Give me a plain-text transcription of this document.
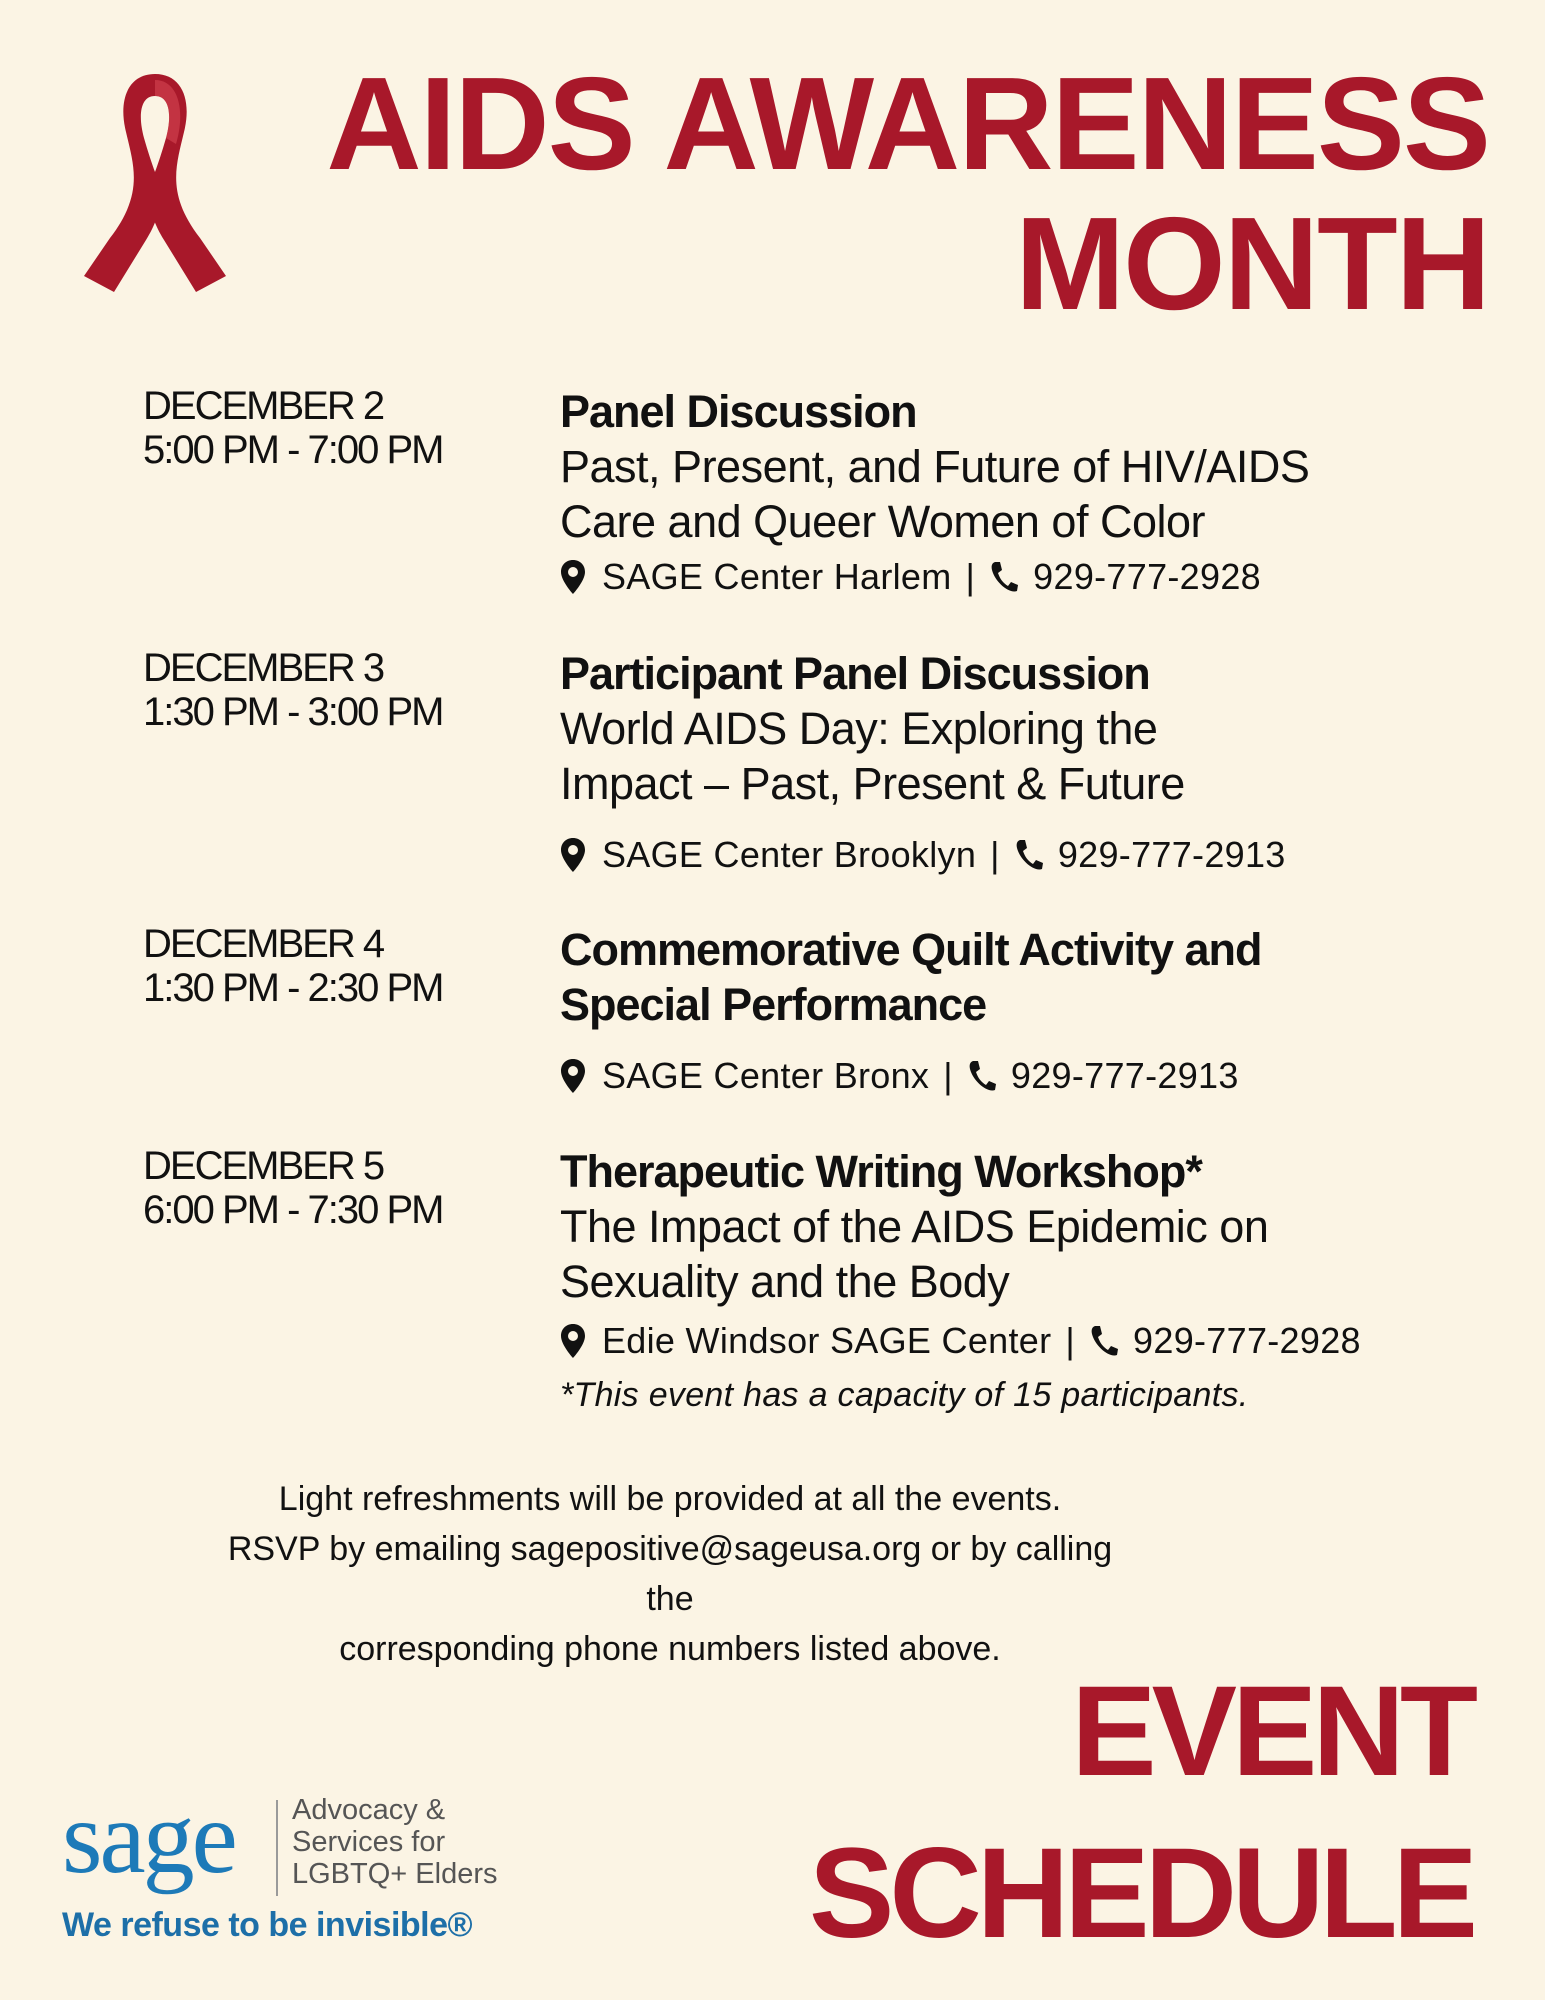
AIDS AWARENESS
MONTH
DECEMBER 2
5:00 PM - 7:00 PM
Panel Discussion
Past, Present, and Future of HIV/AIDS
Care and Queer Women of Color
SAGE Center Harlem | 929-777-2928
DECEMBER 3
1:30 PM - 3:00 PM
Participant Panel Discussion
World AIDS Day: Exploring the
Impact – Past, Present & Future
SAGE Center Brooklyn | 929-777-2913
DECEMBER 4
1:30 PM - 2:30 PM
Commemorative Quilt Activity and
Special Performance
SAGE Center Bronx | 929-777-2913
DECEMBER 5
6:00 PM - 7:30 PM
Therapeutic Writing Workshop*
The Impact of the AIDS Epidemic on
Sexuality and the Body
Edie Windsor SAGE Center | 929-777-2928
*This event has a capacity of 15 participants.
Light refreshments will be provided at all the events.
RSVP by emailing sagepositive@sageusa.org or by calling the
corresponding phone numbers listed above.
sage Advocacy &
Services for
LGBTQ+ Elders
We refuse to be invisible®
EVENT
SCHEDULE
